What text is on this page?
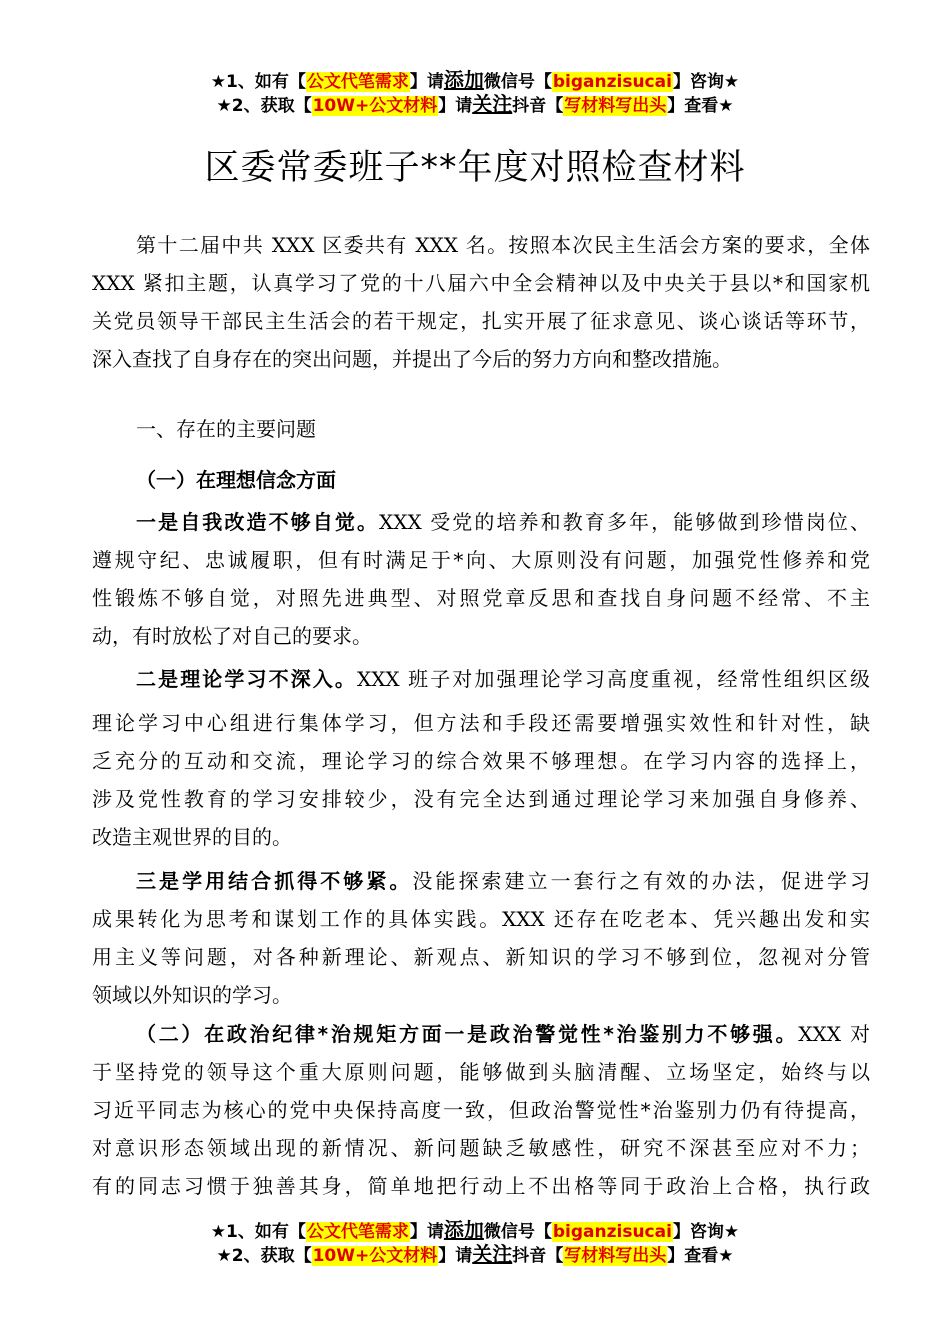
★1、如有【公文代笔需求】请添加微信号【biganzisucai】咨询★
★2、获取【10W+公文材料】请关注抖音【写材料写出头】查看★
区委常委班子**年度对照检查材料
第十二届中共 XXX 区委共有 XXX 名。按照本次民主生活会方案的要求，全体
XXX 紧扣主题，认真学习了党的十八届六中全会精神以及中央关于县以*和国家机
关党员领导干部民主生活会的若干规定，扎实开展了征求意见、谈心谈话等环节，
深入查找了自身存在的突出问题，并提出了今后的努力方向和整改措施。
一、存在的主要问题
（一）在理想信念方面
一是自我改造不够自觉。XXX 受党的培养和教育多年，能够做到珍惜岗位、
遵规守纪、忠诚履职，但有时满足于*向、大原则没有问题，加强党性修养和党
性锻炼不够自觉，对照先进典型、对照党章反思和查找自身问题不经常、不主
动，有时放松了对自己的要求。
二是理论学习不深入。XXX 班子对加强理论学习高度重视，经常性组织区级
理论学习中心组进行集体学习，但方法和手段还需要增强实效性和针对性，缺
乏充分的互动和交流，理论学习的综合效果不够理想。在学习内容的选择上，
涉及党性教育的学习安排较少，没有完全达到通过理论学习来加强自身修养、
改造主观世界的目的。
三是学用结合抓得不够紧。没能探索建立一套行之有效的办法，促进学习
成果转化为思考和谋划工作的具体实践。XXX 还存在吃老本、凭兴趣出发和实
用主义等问题，对各种新理论、新观点、新知识的学习不够到位，忽视对分管
领域以外知识的学习。
（二）在政治纪律*治规矩方面一是政治警觉性*治鉴别力不够强。XXX 对
于坚持党的领导这个重大原则问题，能够做到头脑清醒、立场坚定，始终与以
习近平同志为核心的党中央保持高度一致，但政治警觉性*治鉴别力仍有待提高，
对意识形态领域出现的新情况、新问题缺乏敏感性，研究不深甚至应对不力；
有的同志习惯于独善其身，简单地把行动上不出格等同于政治上合格，执行政
★1、如有【公文代笔需求】请添加微信号【biganzisucai】咨询★
★2、获取【10W+公文材料】请关注抖音【写材料写出头】查看★
